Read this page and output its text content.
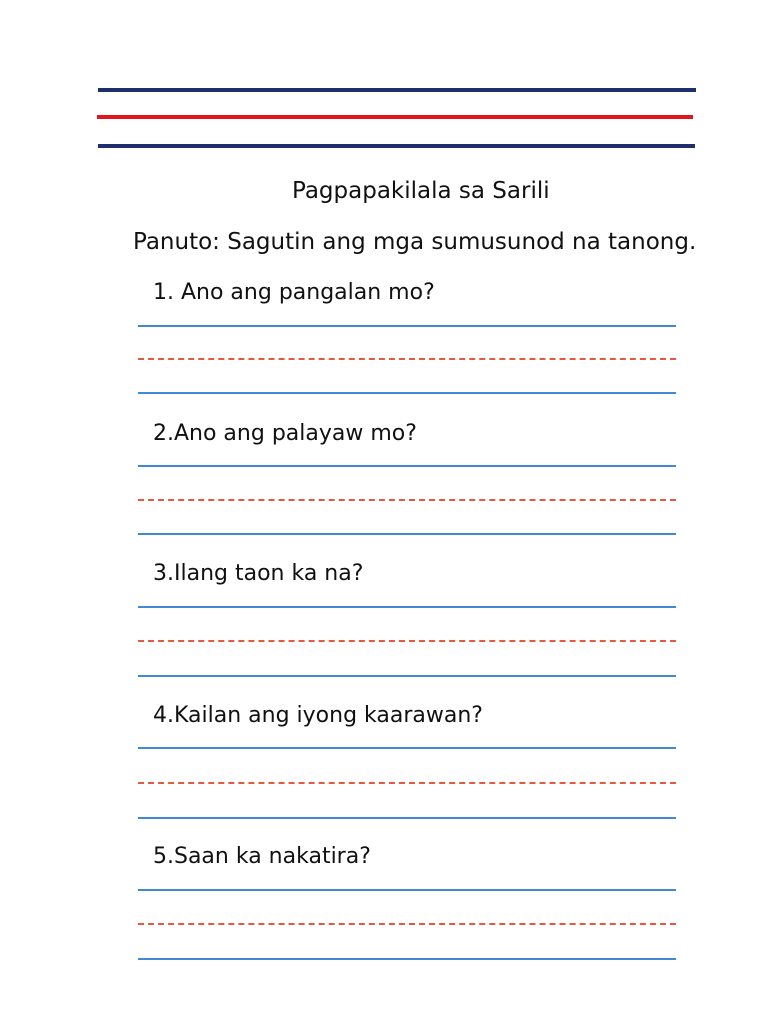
Pagpapakilala sa Sarili
Panuto: Sagutin ang mga sumusunod na tanong.
1. Ano ang pangalan mo?
2.Ano ang palayaw mo?
3.Ilang taon ka na?
4.Kailan ang iyong kaarawan?
5.Saan ka nakatira?
